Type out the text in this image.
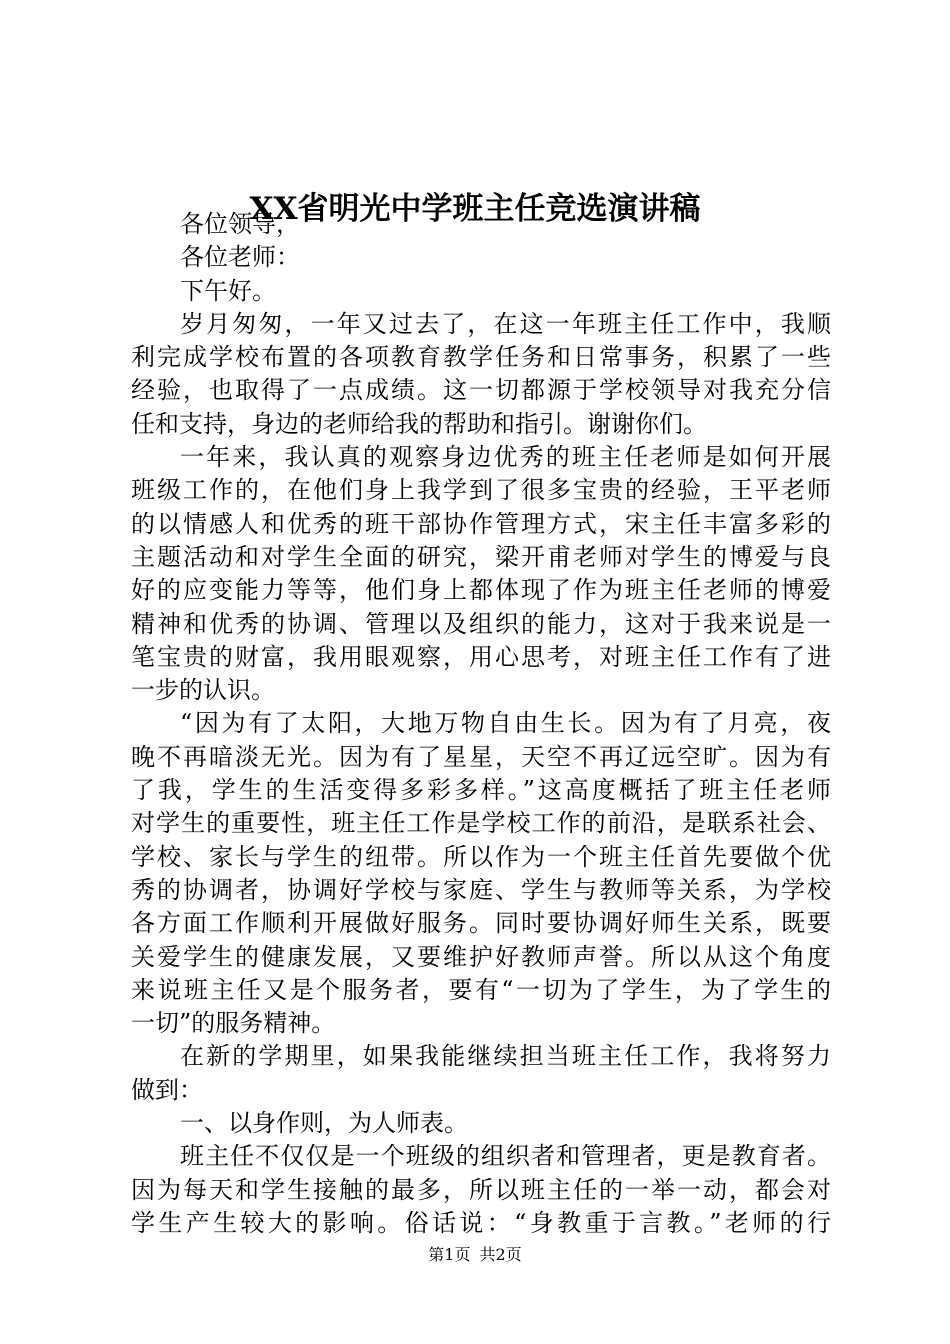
XX省明光中学班主任竞选演讲稿
各位领导，
各位老师：
下午好。
岁月匆匆，一年又过去了，在这一年班主任工作中，我顺
利完成学校布置的各项教育教学任务和日常事务，积累了一些
经验，也取得了一点成绩。这一切都源于学校领导对我充分信
任和支持，身边的老师给我的帮助和指引。谢谢你们。
一年来，我认真的观察身边优秀的班主任老师是如何开展
班级工作的，在他们身上我学到了很多宝贵的经验，王平老师
的以情感人和优秀的班干部协作管理方式，宋主任丰富多彩的
主题活动和对学生全面的研究，梁开甫老师对学生的博爱与良
好的应变能力等等，他们身上都体现了作为班主任老师的博爱
精神和优秀的协调、管理以及组织的能力，这对于我来说是一
笔宝贵的财富，我用眼观察，用心思考，对班主任工作有了进
一步的认识。
“因为有了太阳，大地万物自由生长。因为有了月亮，夜
晚不再暗淡无光。因为有了星星，天空不再辽远空旷。因为有
了我，学生的生活变得多彩多样。”这高度概括了班主任老师
对学生的重要性，班主任工作是学校工作的前沿，是联系社会、
学校、家长与学生的纽带。所以作为一个班主任首先要做个优
秀的协调者，协调好学校与家庭、学生与教师等关系，为学校
各方面工作顺利开展做好服务。同时要协调好师生关系，既要
关爱学生的健康发展，又要维护好教师声誉。所以从这个角度
来说班主任又是个服务者，要有“一切为了学生，为了学生的
一切”的服务精神。
在新的学期里，如果我能继续担当班主任工作，我将努力
做到：
一、以身作则，为人师表。
班主任不仅仅是一个班级的组织者和管理者，更是教育者。
因为每天和学生接触的最多，所以班主任的一举一动，都会对
学生产生较大的影响。俗话说：“身教重于言教。”老师的行
第1页 共2页
